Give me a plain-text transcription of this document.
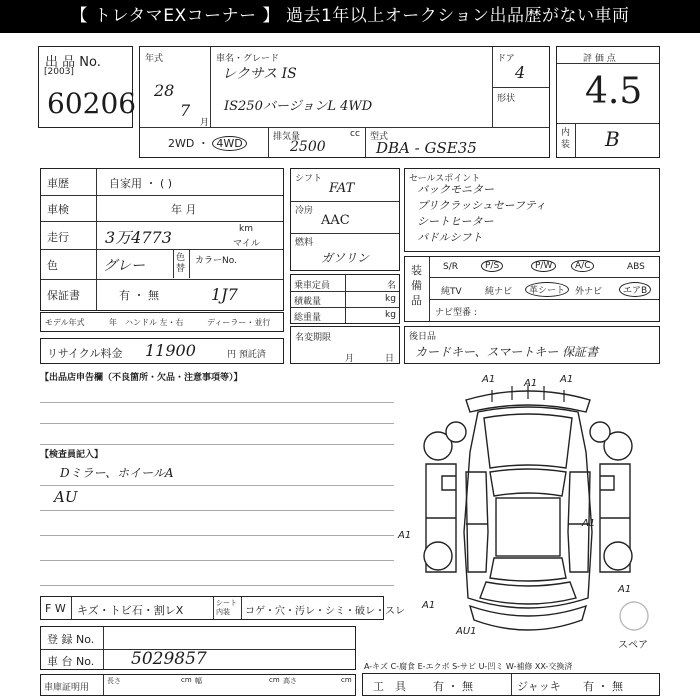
【 トレタマEXコーナー 】 過去1年以上オークション出品歴がない車両
出 品 No.
[2003]
60206
年式
28
7
月
車名・グレード
レクサス IS
IS250バージョンL 4WD
ドア
4
形状
2WD ・ 4WD	排気量	cc
2500
型式
DBA - GSE35
評 価 点
4.5
内装 B
車歴	自家用 ・ ( )
車検	年 月
走行 3万4773	km
マイル
色	グレー	色替
カラーNo.
保証書	有 ・ 無	1J7
モデル年式	年 ハンドル 左・右	ディーラー・並行
シフト
FAT
冷房
AAC
燃料
ガソリン
セールスポイント
バックモニター
プリクラッシュセーフティ
シートヒーター
パドルシフト
乗車定員	名
積載量	kg
総重量	kg
装備品
S/R	P/S	P/W	A/C	ABS
純TV	純ナビ	革シート	外ナビ	エアB
ナビ型番 :
リサイクル料金 11900	円 預託済
名変期限
月	日
後日品
カードキー、スマートキー 保証書
【出品店申告欄（不良箇所・欠品・注意事項等）】
【検査員記入】
Dミラー、ホイールA
AU
F W キズ・トビ石・割レX
シート内装	コゲ・穴・汚レ・シミ・破レ・スレ
登 録 No.
車 台 No. 5029857
車庫証明用
長さ	cm 幅	cm 高さ	cm
A-キズ C-腐食 E-エクボ S-サビ U-凹ミ W-補修 XX-交換済
工　具 有 ・ 無	ジャッキ 有 ・ 無
A1	A1 A1
A1
A1
A1
A1
AU1
スペア
